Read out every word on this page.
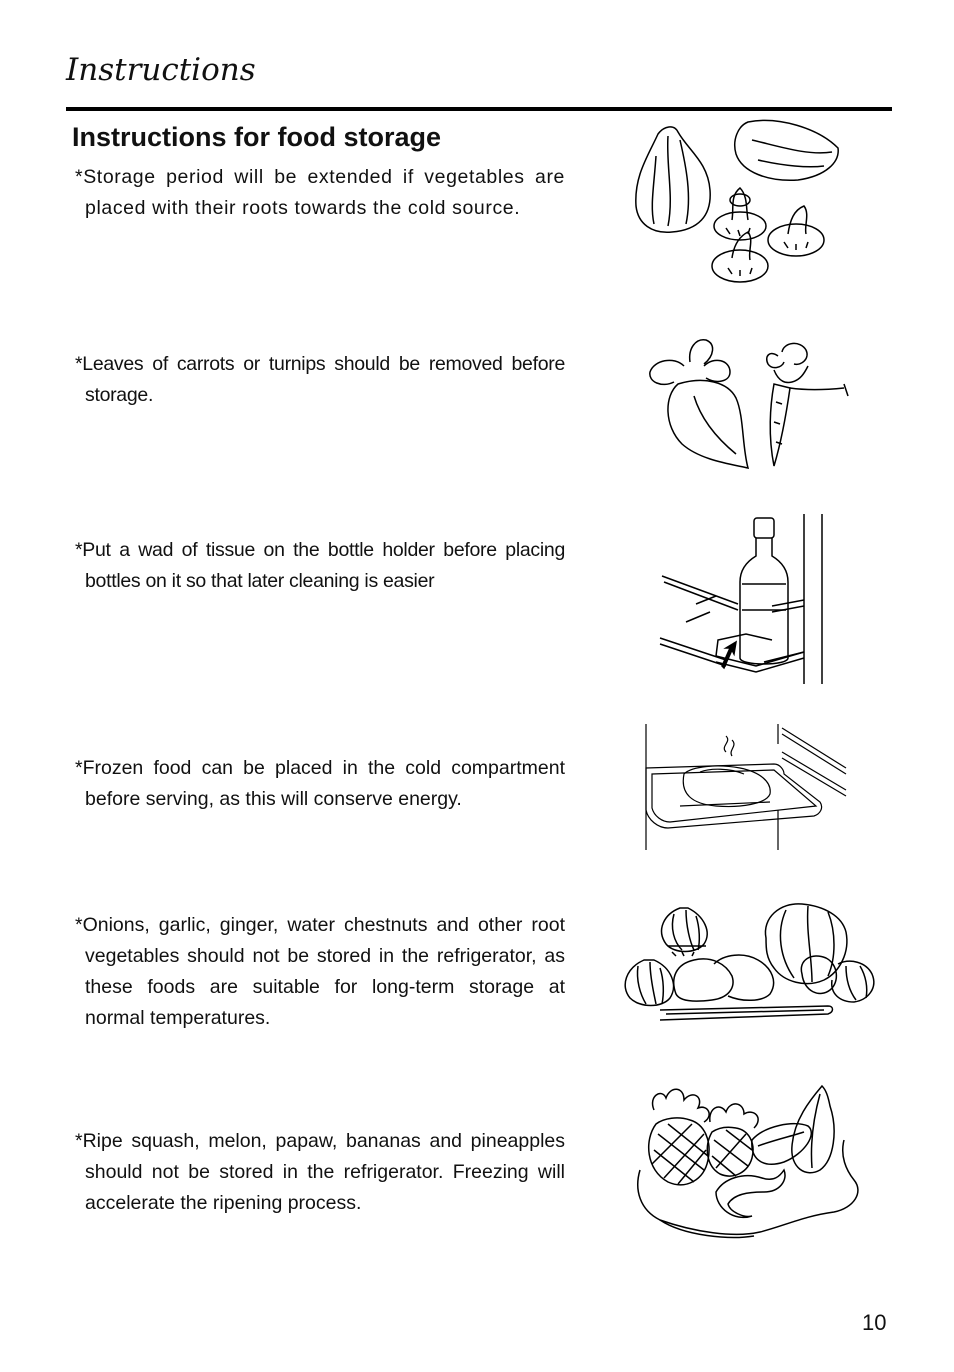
Instructions
Instructions for food storage

*Storage period will be extended if vegetables are placed with their roots towards the cold source.

*Leaves of carrots or turnips should be removed before storage.

*Put a wad of tissue on the bottle holder before placing bottles on it so that later cleaning is easier

*Frozen food can be placed in the cold compartment before serving, as this will conserve energy.

*Onions, garlic, ginger, water chestnuts and other root vegetables should not be stored in the refrigerator, as these foods are suitable for long-term storage at normal temperatures.

*Ripe squash, melon, papaw, bananas and pineapples should not be stored in the refrigerator. Freezing will accelerate the ripening process.

10
